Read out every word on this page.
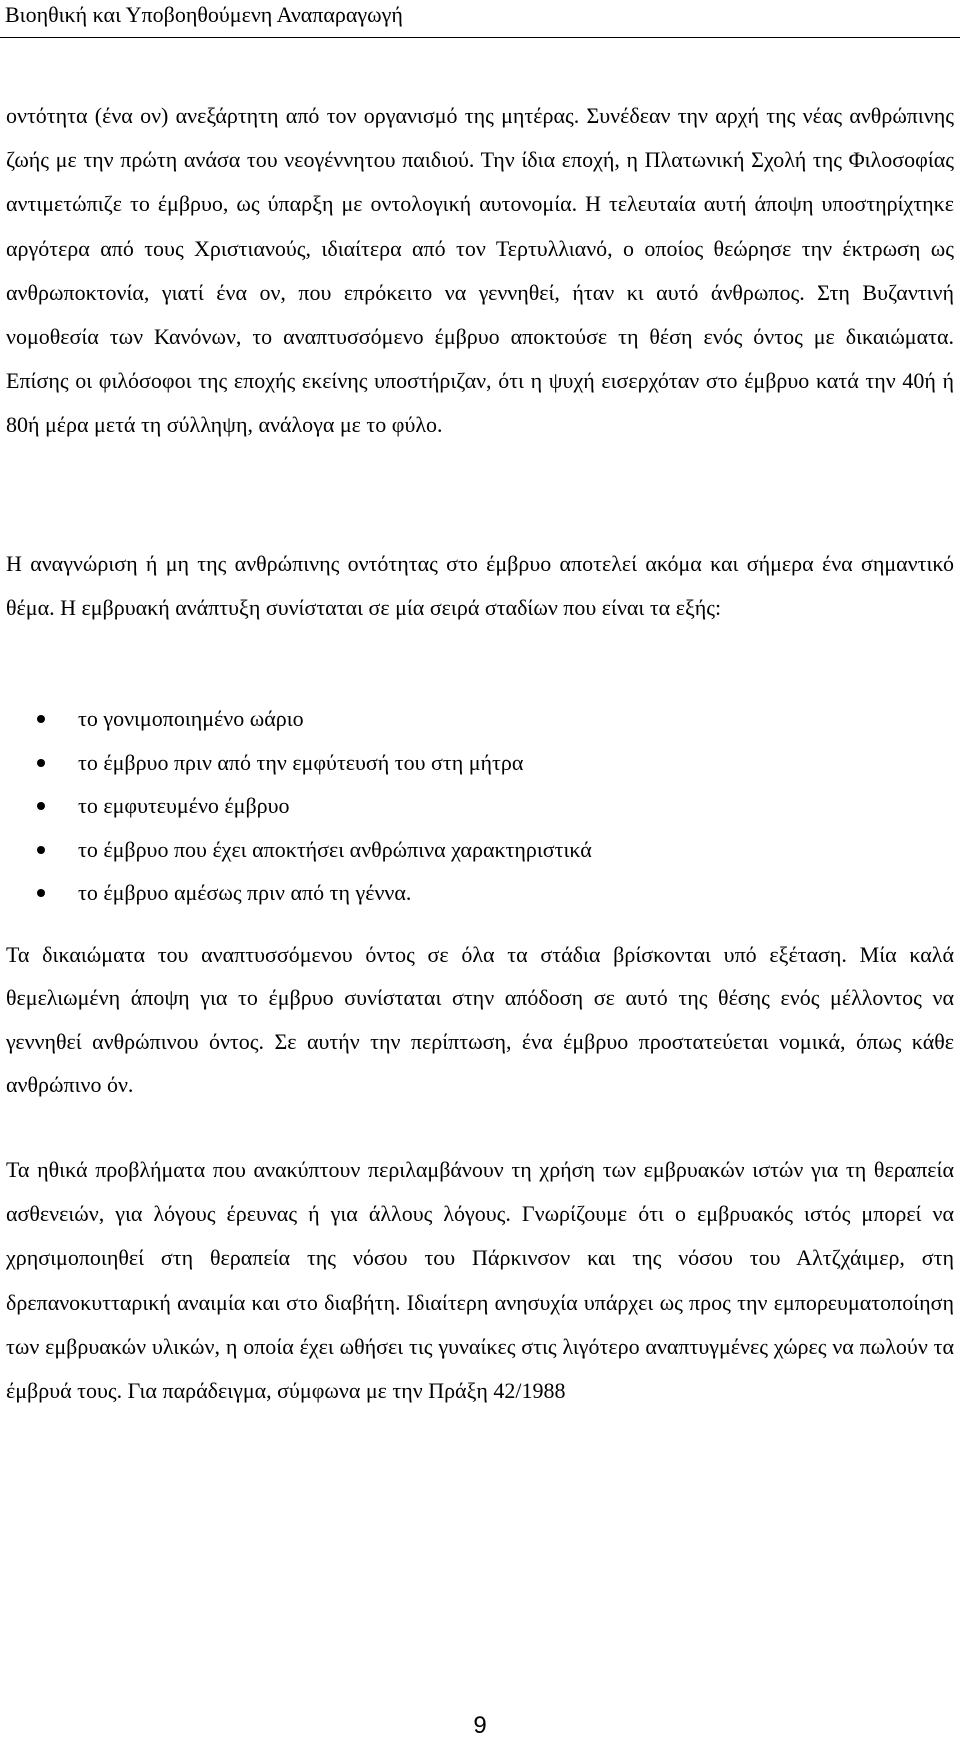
Βιοηθική και Υποβοηθούμενη Αναπαραγωγή

οντότητα (ένα ον) ανεξάρτητη από τον οργανισμό της μητέρας. Συνέδεαν την αρχή της νέας ανθρώπινης ζωής με την πρώτη ανάσα του νεογέννητου παιδιού. Την ίδια εποχή, η Πλατωνική Σχολή της Φιλοσοφίας αντιμετώπιζε το έμβρυο, ως ύπαρξη με οντολογική αυτονομία. Η τελευταία αυτή άποψη υποστηρίχτηκε αργότερα από τους Χριστιανούς, ιδιαίτερα από τον Τερτυλλιανό, ο οποίος θεώρησε την έκτρωση ως ανθρωποκτονία, γιατί ένα ον, που επρόκειτο να γεννηθεί, ήταν κι αυτό άνθρωπος. Στη Βυζαντινή νομοθεσία των Κανόνων, το αναπτυσσόμενο έμβρυο αποκτούσε τη θέση ενός όντος με δικαιώματα. Επίσης οι φιλόσοφοι της εποχής εκείνης υποστήριζαν, ότι η ψυχή εισερχόταν στο έμβρυο κατά την 40ή ή 80ή μέρα μετά τη σύλληψη, ανάλογα με το φύλο.

Η αναγνώριση ή μη της ανθρώπινης οντότητας στο έμβρυο αποτελεί ακόμα και σήμερα ένα σημαντικό θέμα. Η εμβρυακή ανάπτυξη συνίσταται σε μία σειρά σταδίων που είναι τα εξής:

το γονιμοποιημένο ωάριο
το έμβρυο πριν από την εμφύτευσή του στη μήτρα
το εμφυτευμένο έμβρυο
το έμβρυο που έχει αποκτήσει ανθρώπινα χαρακτηριστικά
το έμβρυο αμέσως πριν από τη γέννα.

Τα δικαιώματα του αναπτυσσόμενου όντος σε όλα τα στάδια βρίσκονται υπό εξέταση. Μία καλά θεμελιωμένη άποψη για το έμβρυο συνίσταται στην απόδοση σε αυτό της θέσης ενός μέλλοντος να γεννηθεί ανθρώπινου όντος. Σε αυτήν την περίπτωση, ένα έμβρυο προστατεύεται νομικά, όπως κάθε ανθρώπινο όν.

Τα ηθικά προβλήματα που ανακύπτουν περιλαμβάνουν τη χρήση των εμβρυακών ιστών για τη θεραπεία ασθενειών, για λόγους έρευνας ή για άλλους λόγους. Γνωρίζουμε ότι ο εμβρυακός ιστός μπορεί να χρησιμοποιηθεί στη θεραπεία της νόσου του Πάρκινσον και της νόσου του Αλτζχάιμερ, στη δρεπανοκυτταρική αναιμία και στο διαβήτη. Ιδιαίτερη ανησυχία υπάρχει ως προς την εμπορευματοποίηση των εμβρυακών υλικών, η οποία έχει ωθήσει τις γυναίκες στις λιγότερο αναπτυγμένες χώρες να πωλούν τα έμβρυά τους. Για παράδειγμα, σύμφωνα με την Πράξη 42/1988

9
